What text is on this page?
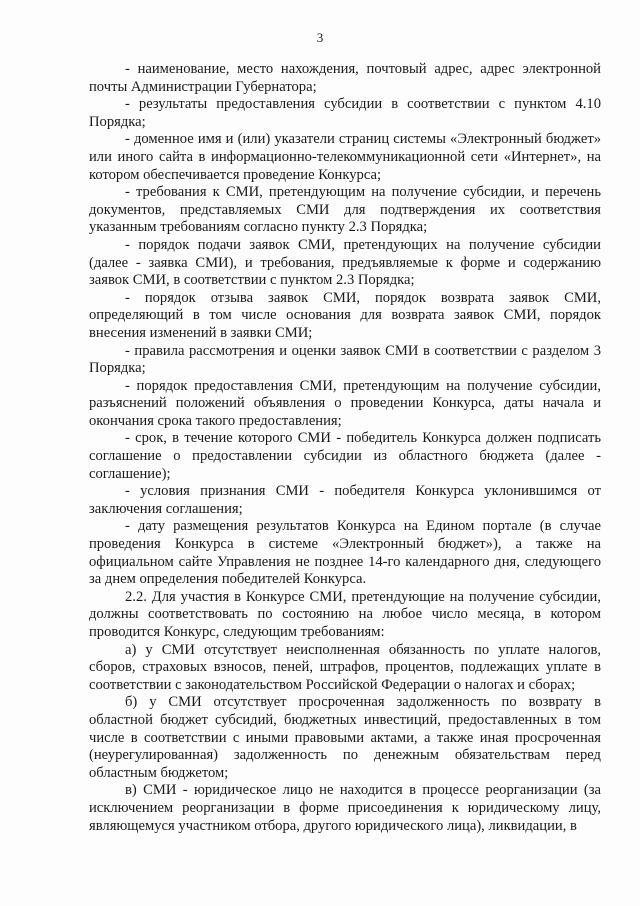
3

- наименование, место нахождения, почтовый адрес, адрес электронной почты Администрации Губернатора;

- результаты предоставления субсидии в соответствии с пунктом 4.10 Порядка;

- доменное имя и (или) указатели страниц системы «Электронный бюджет» или иного сайта в информационно-телекоммуникационной сети «Интернет», на котором обеспечивается проведение Конкурса;

- требования к СМИ, претендующим на получение субсидии, и перечень документов, представляемых СМИ для подтверждения их соответствия указанным требованиям согласно пункту 2.3 Порядка;

- порядок подачи заявок СМИ, претендующих на получение субсидии (далее - заявка СМИ), и требования, предъявляемые к форме и содержанию заявок СМИ, в соответствии с пунктом 2.3 Порядка;

- порядок отзыва заявок СМИ, порядок возврата заявок СМИ, определяющий в том числе основания для возврата заявок СМИ, порядок внесения изменений в заявки СМИ;

- правила рассмотрения и оценки заявок СМИ в соответствии с разделом 3 Порядка;

- порядок предоставления СМИ, претендующим на получение субсидии, разъяснений положений объявления о проведении Конкурса, даты начала и окончания срока такого предоставления;

- срок, в течение которого СМИ - победитель Конкурса должен подписать соглашение о предоставлении субсидии из областного бюджета (далее - соглашение);

- условия признания СМИ - победителя Конкурса уклонившимся от заключения соглашения;

- дату размещения результатов Конкурса на Едином портале (в случае проведения Конкурса в системе «Электронный бюджет»), а также на официальном сайте Управления не позднее 14-го календарного дня, следующего за днем определения победителей Конкурса.

2.2. Для участия в Конкурсе СМИ, претендующие на получение субсидии, должны соответствовать по состоянию на любое число месяца, в котором проводится Конкурс, следующим требованиям:

а) у СМИ отсутствует неисполненная обязанность по уплате налогов, сборов, страховых взносов, пеней, штрафов, процентов, подлежащих уплате в соответствии с законодательством Российской Федерации о налогах и сборах;

б) у СМИ отсутствует просроченная задолженность по возврату в областной бюджет субсидий, бюджетных инвестиций, предоставленных в том числе в соответствии с иными правовыми актами, а также иная просроченная (неурегулированная) задолженность по денежным обязательствам перед областным бюджетом;

в) СМИ - юридическое лицо не находится в процессе реорганизации (за исключением реорганизации в форме присоединения к юридическому лицу, являющемуся участником отбора, другого юридического лица), ликвидации, в
